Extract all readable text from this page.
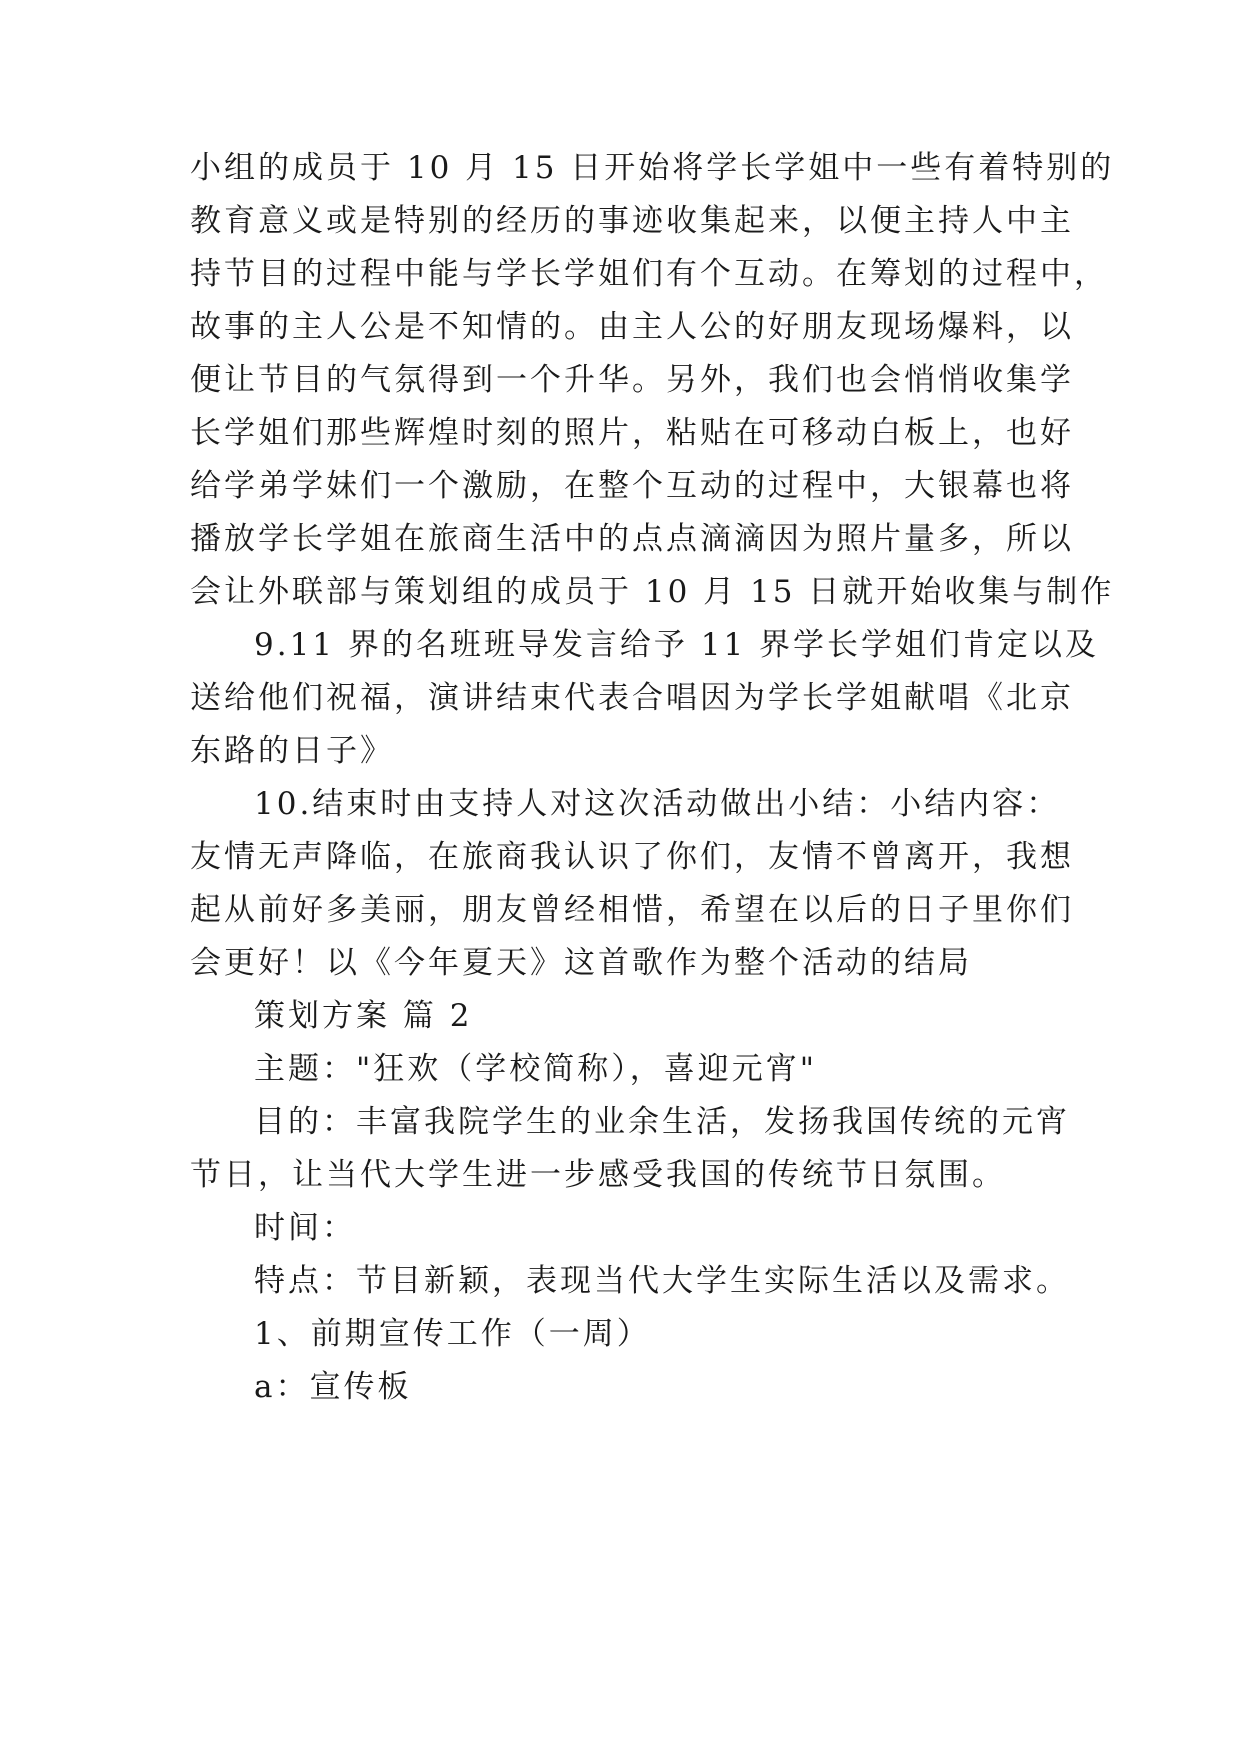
小组的成员于 10 月 15 日开始将学长学姐中一些有着特别的
教育意义或是特别的经历的事迹收集起来，以便主持人中主
持节目的过程中能与学长学姐们有个互动。在筹划的过程中，
故事的主人公是不知情的。由主人公的好朋友现场爆料，以
便让节目的气氛得到一个升华。另外，我们也会悄悄收集学
长学姐们那些辉煌时刻的照片，粘贴在可移动白板上，也好
给学弟学妹们一个激励，在整个互动的过程中，大银幕也将
播放学长学姐在旅商生活中的点点滴滴因为照片量多，所以
会让外联部与策划组的成员于 10 月 15 日就开始收集与制作
9.11 界的名班班导发言给予 11 界学长学姐们肯定以及
送给他们祝福，演讲结束代表合唱因为学长学姐献唱《北京
东路的日子》
10.结束时由支持人对这次活动做出小结：小结内容：
友情无声降临，在旅商我认识了你们，友情不曾离开，我想
起从前好多美丽，朋友曾经相惜，希望在以后的日子里你们
会更好！以《今年夏天》这首歌作为整个活动的结局
策划方案 篇 2
主题："狂欢（学校简称），喜迎元宵"
目的：丰富我院学生的业余生活，发扬我国传统的元宵
节日，让当代大学生进一步感受我国的传统节日氛围。
时间：
特点：节目新颖，表现当代大学生实际生活以及需求。
1、前期宣传工作（一周）
a：宣传板
